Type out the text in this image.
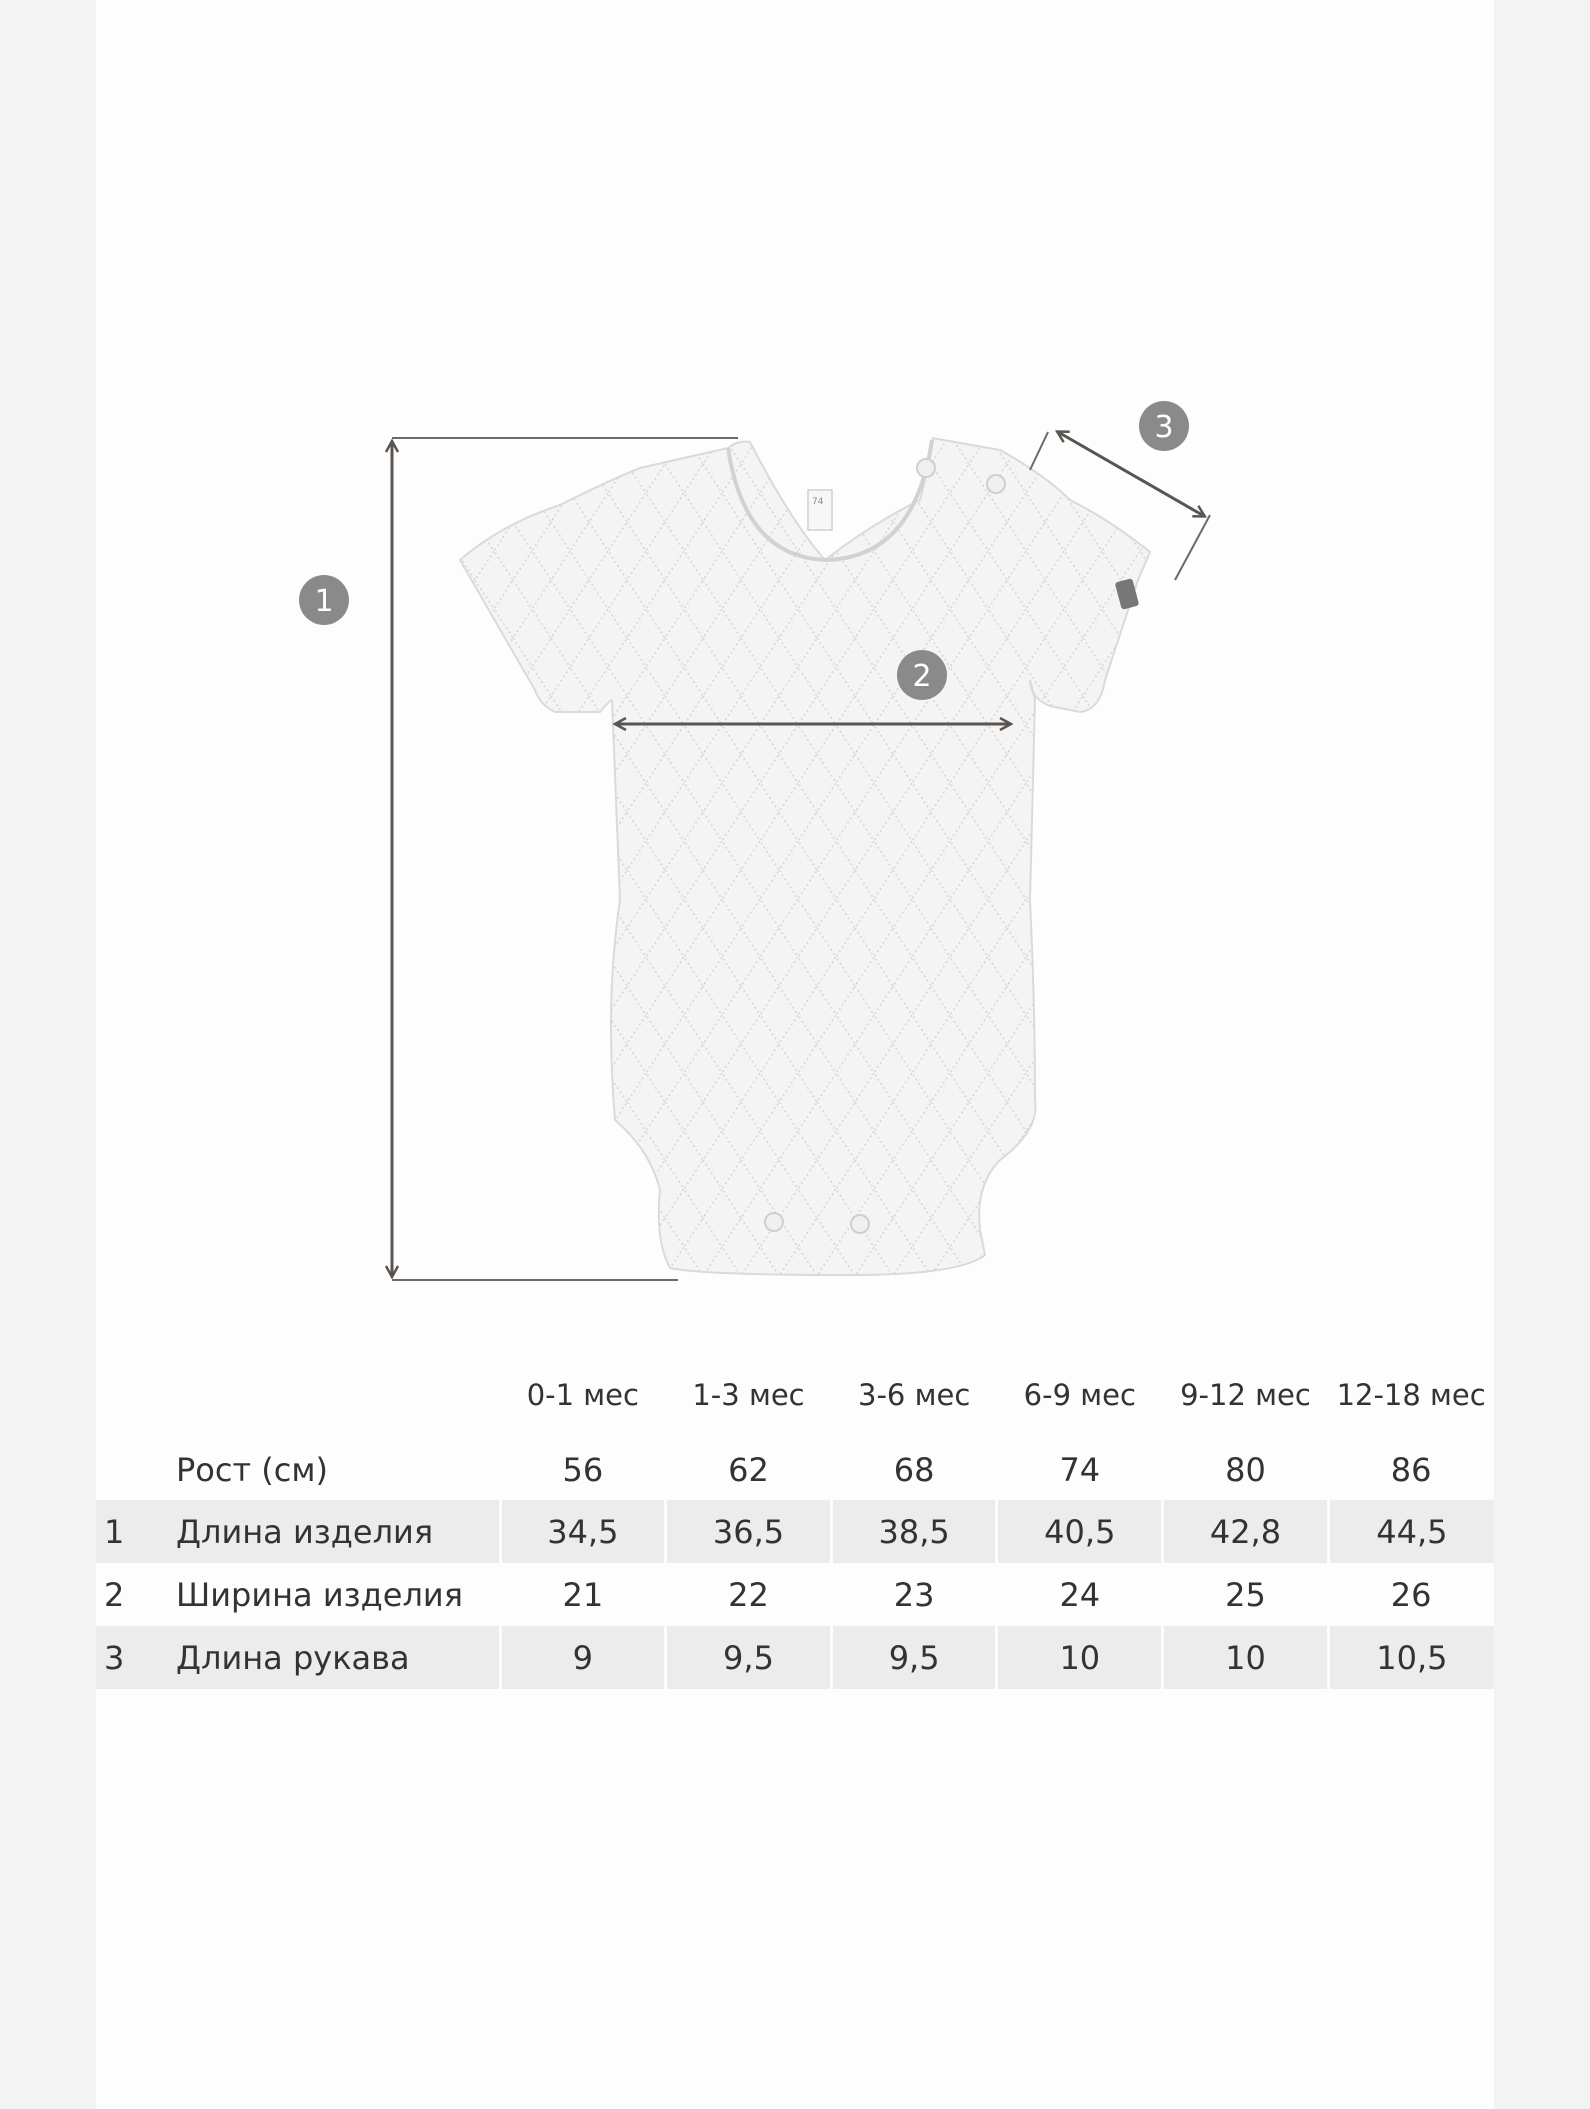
74
1
2
3
		0-1 мес	1-3 мес	3-6 мес	6-9 мес	9-12 мес	12-18 мес
	Рост (см)	56	62	68	74	80	86
1	Длина изделия	34,5	36,5	38,5	40,5	42,8	44,5
2	Ширина изделия	21	22	23	24	25	26
3	Длина рукава	9	9,5	9,5	10	10	10,5
